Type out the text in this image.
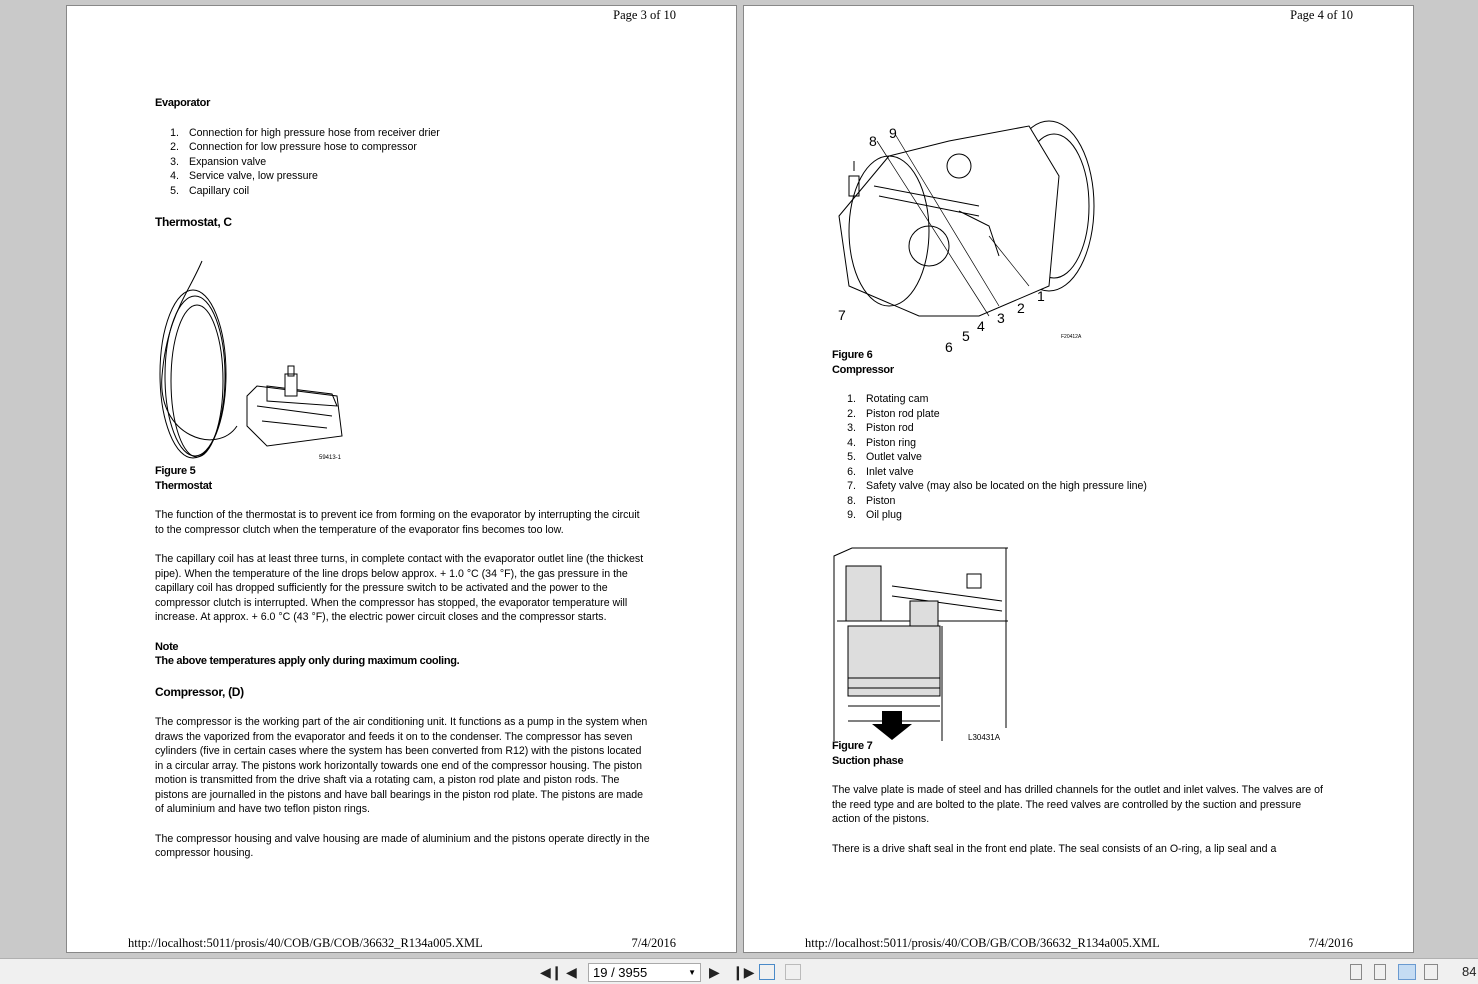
Page 3 of 10
Evaporator
1. Connection for high pressure hose from receiver drier
2. Connection for low pressure hose to compressor
3. Expansion valve
4. Service valve, low pressure
5. Capillary coil
Thermostat, C
59413-1
Figure 5
Thermostat

The function of the thermostat is to prevent ice from forming on the evaporator by interrupting the circuit to the compressor clutch when the temperature of the evaporator fins becomes too low.

The capillary coil has at least three turns, in complete contact with the evaporator outlet line (the thickest pipe). When the temperature of the line drops below approx. + 1.0 °C (34 °F), the gas pressure in the capillary coil has dropped sufficiently for the pressure switch to be activated and the power to the compressor clutch is interrupted. When the compressor has stopped, the evaporator temperature will increase. At approx. + 6.0 °C (43 °F), the electric power circuit closes and the compressor starts.

Note
The above temperatures apply only during maximum cooling.
Compressor, (D)

The compressor is the working part of the air conditioning unit. It functions as a pump in the system when draws the vaporized from the evaporator and feeds it on to the condenser. The compressor has seven cylinders (five in certain cases where the system has been converted from R12) with the pistons located in a circular array. The pistons work horizontally towards one end of the compressor housing. The piston motion is transmitted from the drive shaft via a rotating cam, a piston rod plate and piston rods. The pistons are journalled in the pistons and have ball bearings in the piston rod plate. The pistons are made of aluminium and have two teflon piston rings.

The compressor housing and valve housing are made of aluminium and the pistons operate directly in the compressor housing.

http://localhost:5011/prosis/40/COB/GB/COB/36632_R134a005.XML	7/4/2016
Page 4 of 10
1
2
3
4
5
6
7
8 9
F20412A
Figure 6
Compressor
1. Rotating cam
2. Piston rod plate
3. Piston rod
4. Piston ring
5. Outlet valve
6. Inlet valve
7. Safety valve (may also be located on the high pressure line)
8. Piston
9. Oil plug
L30431A
Figure 7
Suction phase

The valve plate is made of steel and has drilled channels for the outlet and inlet valves. The valves are of the reed type and are bolted to the plate. The reed valves are controlled by the suction and pressure action of the pistons.

There is a drive shaft seal in the front end plate. The seal consists of an O-ring, a lip seal and a

http://localhost:5011/prosis/40/COB/GB/COB/36632_R134a005.XML	7/4/2016
◀❙ ◀	19 / 3955	▼ ▶ ❙▶	84
